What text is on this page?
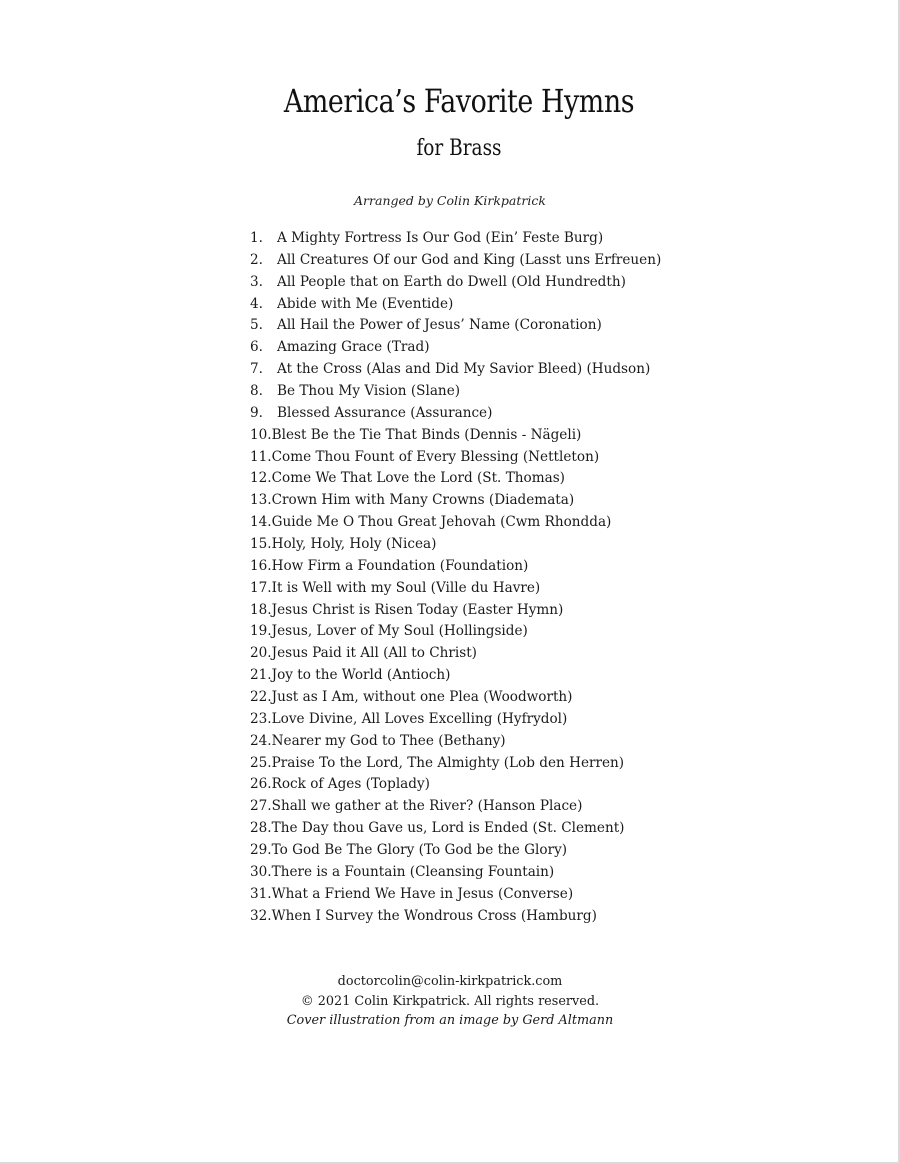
America’s Favorite Hymns
for Brass
Arranged by Colin Kirkpatrick
1.	A Mighty Fortress Is Our God (Ein’ Feste Burg)
2.	All Creatures Of our God and King (Lasst uns Erfreuen)
3.	All People that on Earth do Dwell (Old Hundredth)
4.	Abide with Me (Eventide)
5.	All Hail the Power of Jesus’ Name (Coronation)
6.	Amazing Grace (Trad)
7.	At the Cross (Alas and Did My Savior Bleed) (Hudson)
8.	Be Thou My Vision (Slane)
9.	Blessed Assurance (Assurance)
10. Blest Be the Tie That Binds (Dennis - Nägeli)
11. Come Thou Fount of Every Blessing (Nettleton)
12. Come We That Love the Lord (St. Thomas)
13. Crown Him with Many Crowns (Diademata)
14. Guide Me O Thou Great Jehovah (Cwm Rhondda)
15. Holy, Holy, Holy (Nicea)
16. How Firm a Foundation (Foundation)
17. It is Well with my Soul (Ville du Havre)
18. Jesus Christ is Risen Today (Easter Hymn)
19. Jesus, Lover of My Soul (Hollingside)
20. Jesus Paid it All (All to Christ)
21. Joy to the World (Antioch)
22. Just as I Am, without one Plea (Woodworth)
23. Love Divine, All Loves Excelling (Hyfrydol)
24. Nearer my God to Thee (Bethany)
25. Praise To the Lord, The Almighty (Lob den Herren)
26. Rock of Ages (Toplady)
27. Shall we gather at the River? (Hanson Place)
28. The Day thou Gave us, Lord is Ended (St. Clement)
29. To God Be The Glory (To God be the Glory)
30. There is a Fountain (Cleansing Fountain)
31. What a Friend We Have in Jesus (Converse)
32. When I Survey the Wondrous Cross (Hamburg)
doctorcolin@colin-kirkpatrick.com
© 2021 Colin Kirkpatrick. All rights reserved.
Cover illustration from an image by Gerd Altmann
